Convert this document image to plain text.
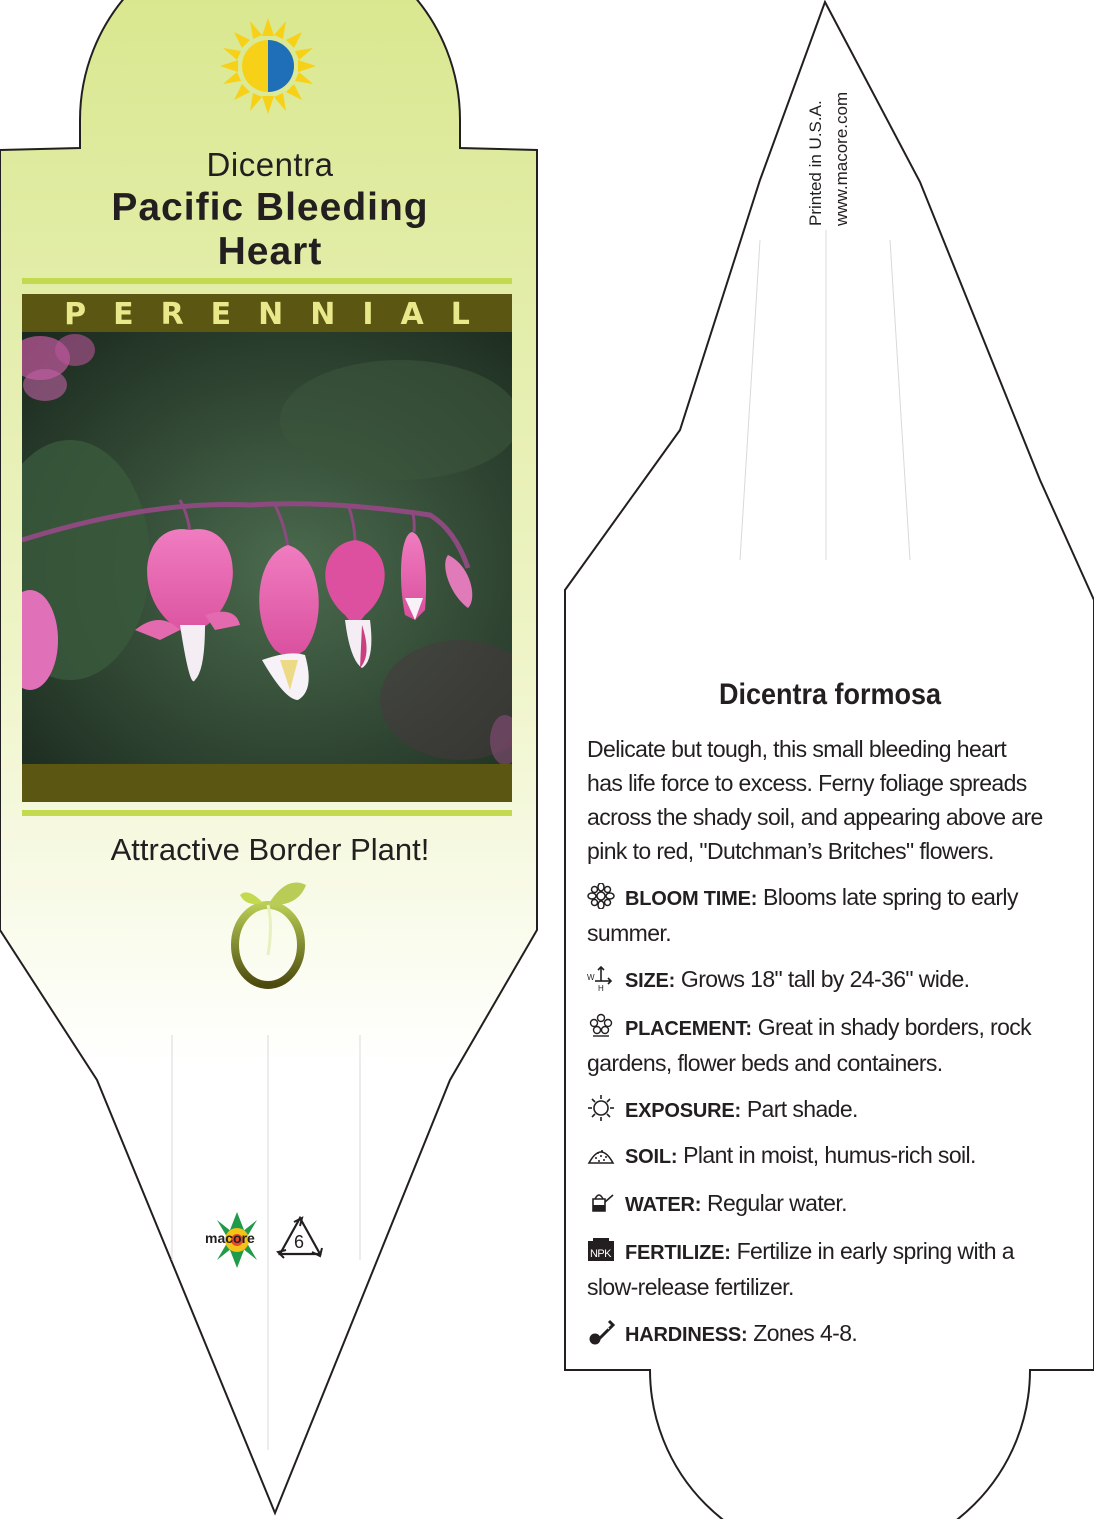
Dicentra
Pacific Bleeding
Heart
PERENNIAL
Attractive Border Plant!
macore 6
Printed in U.S.A. www.macore.com
Dicentra formosa
Delicate but tough, this small bleeding heart has life force to excess. Ferny foliage spreads across the shady soil, and appearing above are pink to red, "Dutchman’s Britches" flowers.
BLOOM TIME: Blooms late spring to early summer.
W
H SIZE: Grows 18" tall by 24-36" wide.
PLACEMENT: Great in shady borders, rock gardens, flower beds and containers.
EXPOSURE: Part shade.
SOIL: Plant in moist, humus-rich soil.
WATER: Regular water.
NPK FERTILIZE: Fertilize in early spring with a slow-release fertilizer.
HARDINESS: Zones 4-8.
